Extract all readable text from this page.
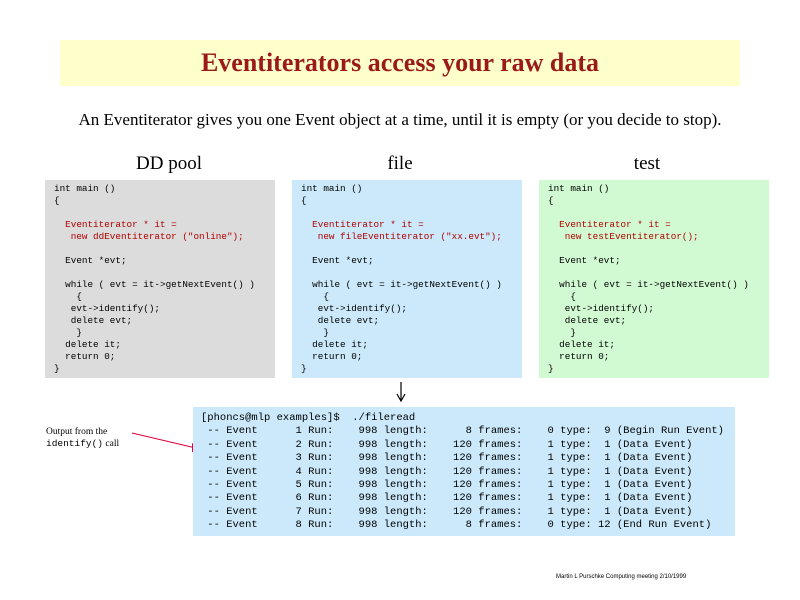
Eventiterators access your raw data
An Eventiterator gives you one Event object at a time, until it is empty (or you decide to stop).
DD pool	file	test
int main ()
{
Eventiterator * it =
new ddEventiterator ("online");
Event *evt;
while ( evt = it->getNextEvent() )
{
evt->identify();
delete evt;
}
delete it;
return 0;
}
int main ()
{
Eventiterator * it =
new fileEventiterator ("xx.evt");
Event *evt;
while ( evt = it->getNextEvent() )
{
evt->identify();
delete evt;
}
delete it;
return 0;
}
int main ()
{
Eventiterator * it =
new testEventiterator();
Event *evt;
while ( evt = it->getNextEvent() )
{
evt->identify();
delete evt;
}
delete it;
return 0;
}
Output from the
identify() call
[phoncs@mlp examples]$  ./fileread
-- Event      1 Run:    998 length:      8 frames:    0 type:  9 (Begin Run Event)
-- Event      2 Run:    998 length:    120 frames:    1 type:  1 (Data Event)
-- Event      3 Run:    998 length:    120 frames:    1 type:  1 (Data Event)
-- Event      4 Run:    998 length:    120 frames:    1 type:  1 (Data Event)
-- Event      5 Run:    998 length:    120 frames:    1 type:  1 (Data Event)
-- Event      6 Run:    998 length:    120 frames:    1 type:  1 (Data Event)
-- Event      7 Run:    998 length:    120 frames:    1 type:  1 (Data Event)
-- Event      8 Run:    998 length:      8 frames:    0 type: 12 (End Run Event)
Martin L Purschke Computing meeting 2/10/1999
